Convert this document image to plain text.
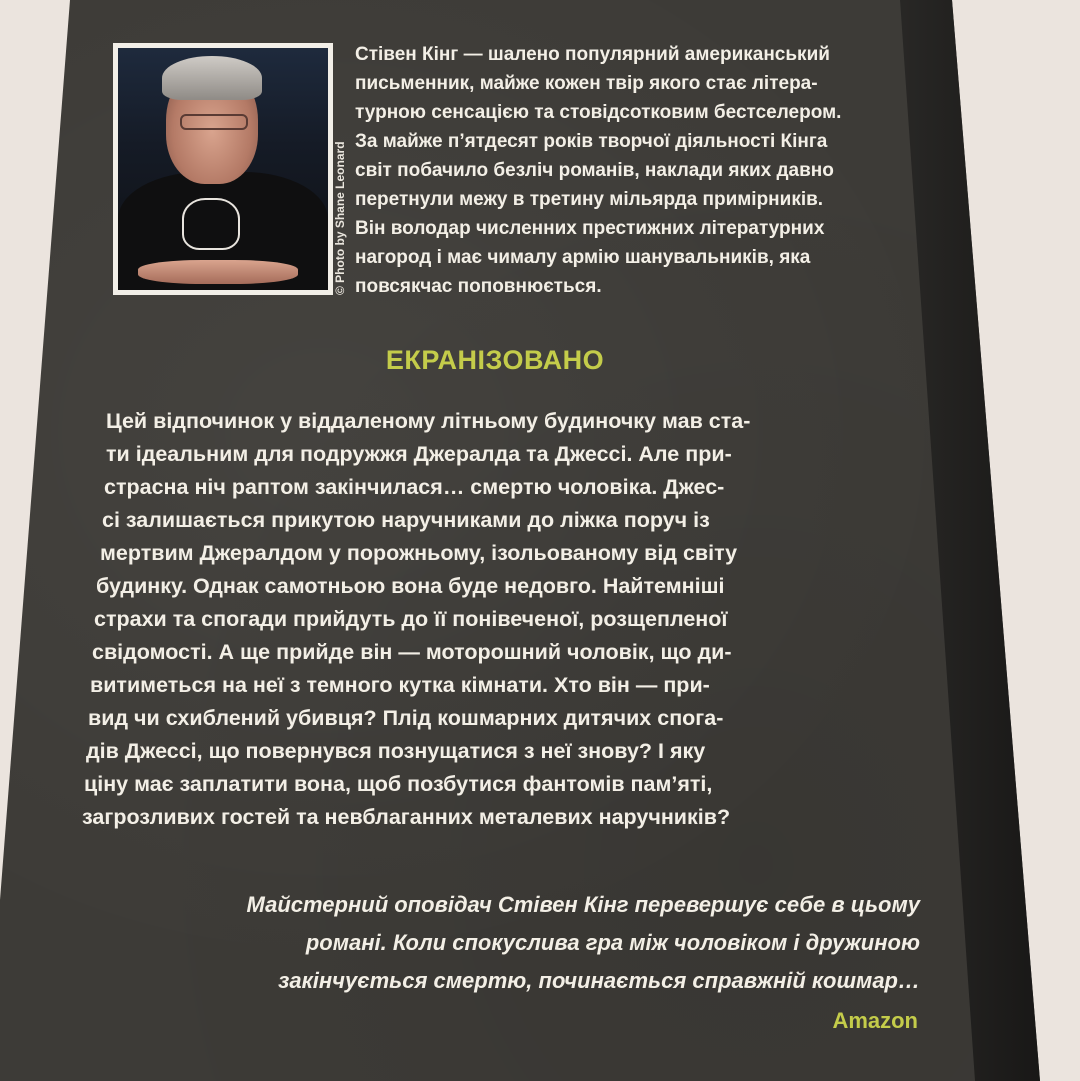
© Photo by Shane Leonard
Стівен Кінг — шалено популярний американський
письменник, майже кожен твір якого стає літера-
турною сенсацією та стовідсотковим бестселером.
За майже п’ятдесят років творчої діяльності Кінга
світ побачило безліч романів, наклади яких давно
перетнули межу в третину мільярда примірників.
Він володар численних престижних літературних
нагород і має чималу армію шанувальників, яка
повсякчас поповнюється.
ЕКРАНІЗОВАНО
Цей відпочинок у віддаленому літньому будиночку мав ста-
ти ідеальним для подружжя Джералда та Джессі. Але при-
страсна ніч раптом закінчилася… смертю чоловіка. Джес-
сі залишається прикутою наручниками до ліжка поруч із
мертвим Джералдом у порожньому, ізольованому від світу
будинку. Однак самотньою вона буде недовго. Найтемніші
страхи та спогади прийдуть до її понівеченої, розщепленої
свідомості. А ще прийде він — моторошний чоловік, що ди-
витиметься на неї з темного кутка кімнати. Хто він — при-
вид чи схиблений убивця? Плід кошмарних дитячих спога-
дів Джессі, що повернувся познущатися з неї знову? І яку
ціну має заплатити вона, щоб позбутися фантомів пам’яті,
загрозливих гостей та невблаганних металевих наручників?
Майстерний оповідач Стівен Кінг перевершує себе в цьому
романі. Коли спокуслива гра між чоловіком і дружиною
закінчується смертю, починається справжній кошмар…
Amazon
